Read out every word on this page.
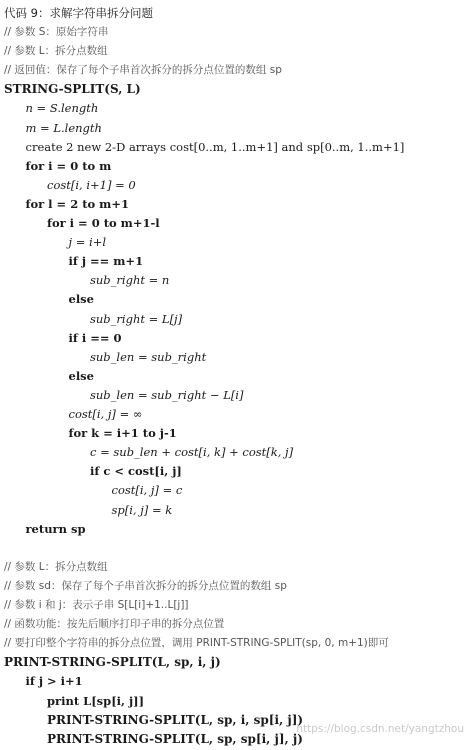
代码 9：求解字符串拆分问题
// 参数 S：原始字符串
// 参数 L：拆分点数组
// 返回值：保存了每个子串首次拆分的拆分点位置的数组 sp
STRING-SPLIT(S, L)
n = S.length
m = L.length
create 2 new 2-D arrays cost[0..m, 1..m+1] and sp[0..m, 1..m+1]
for i = 0 to m
cost[i, i+1] = 0
for l = 2 to m+1
for i = 0 to m+1-l
j = i+l
if j == m+1
sub_right = n
else
sub_right = L[j]
if i == 0
sub_len = sub_right
else
sub_len = sub_right − L[i]
cost[i, j] = ∞
for k = i+1 to j-1
c = sub_len + cost[i, k] + cost[k, j]
if c < cost[i, j]
cost[i, j] = c
sp[i, j] = k
return sp
// 参数 L：拆分点数组
// 参数 sd：保存了每个子串首次拆分的拆分点位置的数组 sp
// 参数 i 和 j：表示子串 S[L[i]+1..L[j]]
// 函数功能：按先后顺序打印子串的拆分点位置
// 要打印整个字符串的拆分点位置，调用 PRINT-STRING-SPLIT(sp, 0, m+1)即可
PRINT-STRING-SPLIT(L, sp, i, j)
if j > i+1
print L[sp[i, j]]
PRINT-STRING-SPLIT(L, sp, i, sp[i, j])
PRINT-STRING-SPLIT(L, sp, sp[i, j], j)
https://blog.csdn.net/yangtzhou
